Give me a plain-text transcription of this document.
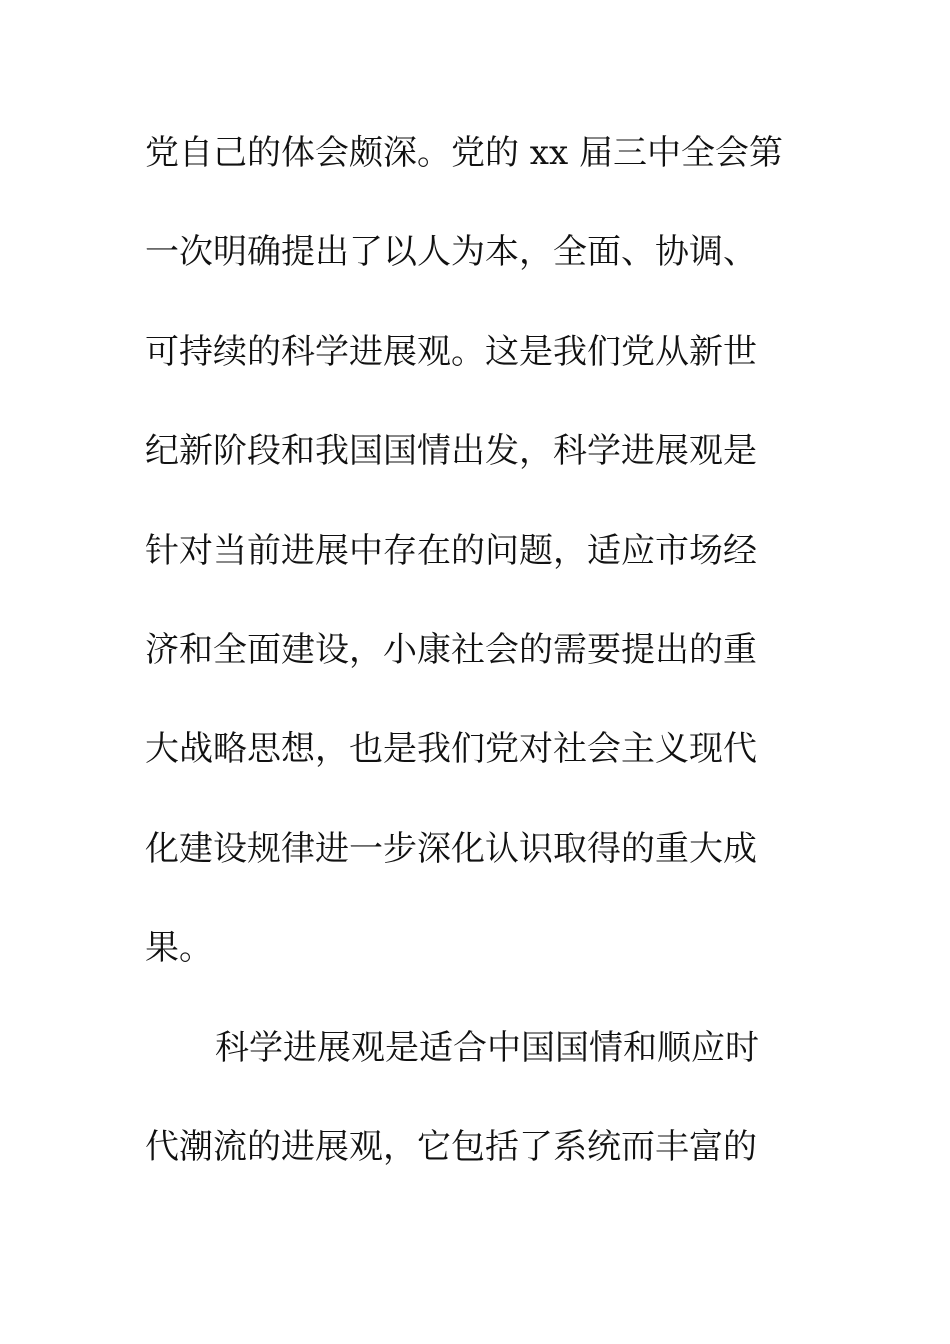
党自己的体会颇深。党的 xx 届三中全会第
一次明确提出了以人为本，全面、协调、
可持续的科学进展观。这是我们党从新世
纪新阶段和我国国情出发，科学进展观是
针对当前进展中存在的问题，适应市场经
济和全面建设，小康社会的需要提出的重
大战略思想，也是我们党对社会主义现代
化建设规律进一步深化认识取得的重大成
果。
科学进展观是适合中国国情和顺应时
代潮流的进展观，它包括了系统而丰富的
